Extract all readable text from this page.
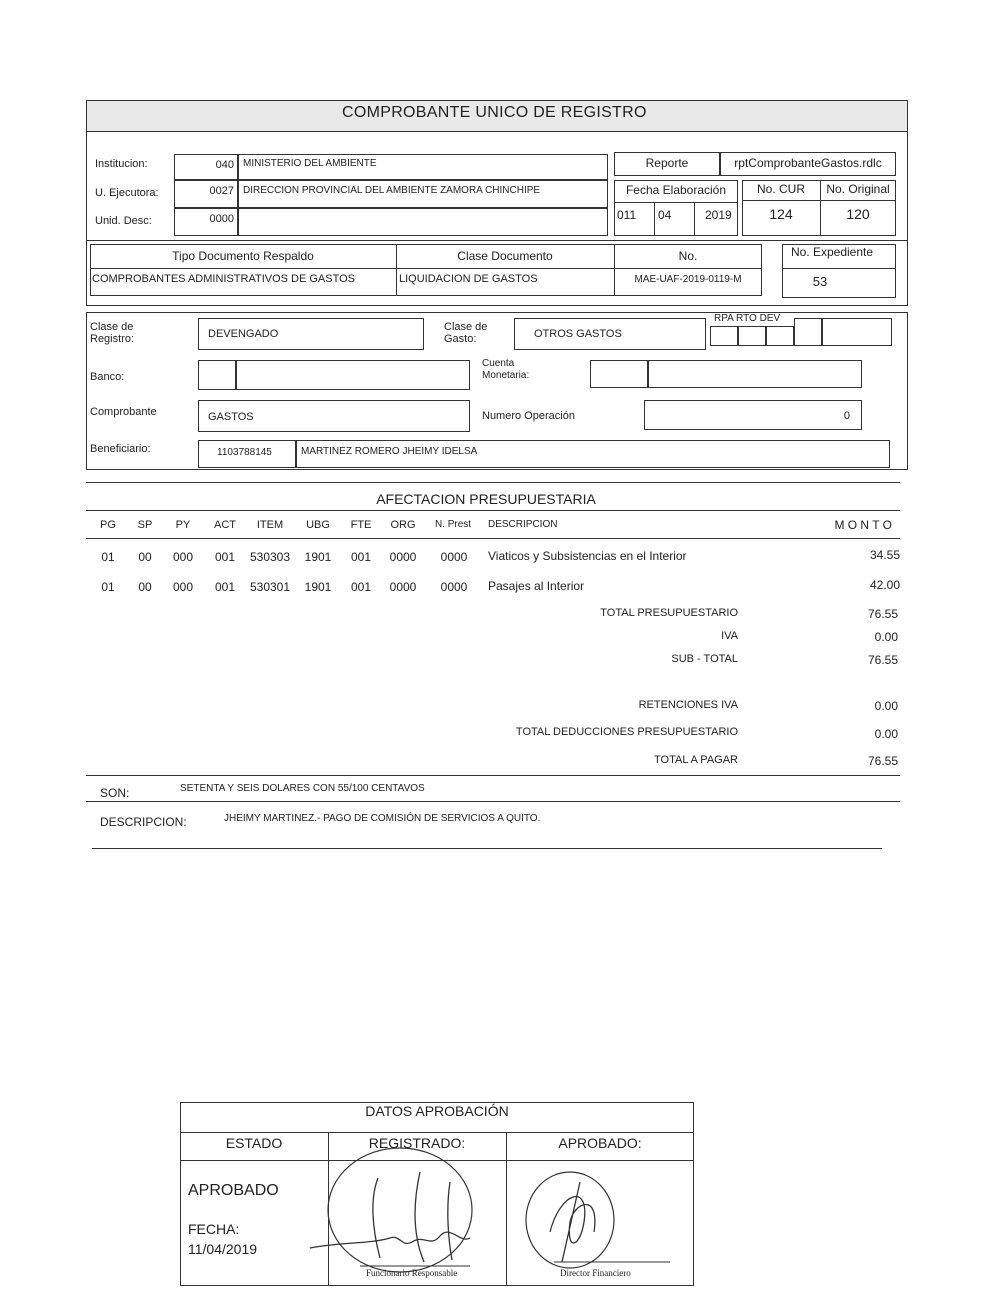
COMPROBANTE UNICO DE REGISTRO
Institucion:	040 MINISTERIO DEL AMBIENTE
U. Ejecutora:	0027 DIRECCION PROVINCIAL DEL AMBIENTE ZAMORA CHINCHIPE
Unid. Desc:	0000
Reporte	rptComprobanteGastos.rdlc
Fecha Elaboración
011 04	2019
No. CUR	No. Original
124	120
Tipo Documento Respaldo	Clase Documento	No.
COMPROBANTES ADMINISTRATIVOS DE GASTOS	LIQUIDACION DE GASTOS	MAE-UAF-2019-0119-M
No. Expediente
53
Clase de Registro:	DEVENGADO
Clase de Gasto:	OTROS GASTOS
RPA RTO DEV
Banco:
Cuenta Monetaria:
Comprobante	GASTOS	Numero Operación	0
Beneficiario:	1103788145	MARTINEZ ROMERO JHEIMY IDELSA
AFECTACION PRESUPUESTARIA
PG	SP	PY	ACT	ITEM	UBG	FTE	ORG	N. Prest	DESCRIPCION	M O N T O
01	00	000	001	530303 1901	001	0000	0000	Viaticos y Subsistencias en el Interior	34.55
01	00	000	001	530301 1901	001	0000	0000	Pasajes al Interior	42.00
TOTAL PRESUPUESTARIO	76.55
IVA	0.00
SUB - TOTAL	76.55
RETENCIONES IVA	0.00
TOTAL DEDUCCIONES PRESUPUESTARIO	0.00
TOTAL A PAGAR	76.55
SON:	SETENTA Y SEIS DOLARES CON 55/100 CENTAVOS
DESCRIPCION:	JHEIMY MARTINEZ.- PAGO DE COMISIÓN DE SERVICIOS A QUITO.
DATOS APROBACIÓN
ESTADO	REGISTRADO:	APROBADO:
APROBADO
FECHA:
11/04/2019
Funcionario Responsable	Director Financiero
